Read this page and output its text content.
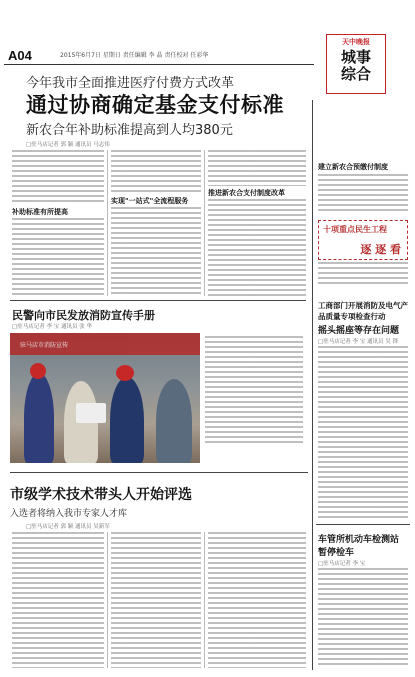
A04	2015年6月7日 星期日 责任编辑 李 晶 责任校对 任彩华
天中晚报
城事
综合
今年我市全面推进医疗付费方式改革
通过协商确定基金支付标准
新农合年补助标准提高到人均380元
□驻马店记者 郭 颖 通讯员 马志伟
补助标准有所提高
实现"一站式"全流程服务
推进新农合支付制度改革
建立新农合预缴付制度
十项重点民生工程
逐 逐 看
工商部门开展消防及电气产
品质量专项检查行动
摇头摇座等存在问题
□驻马店记者 李 宝 通讯员 吴 锋
车管所机动车检测站
暂停检车
□驻马店记者 李 宝
民警向市民发放消防宣传手册
□驻马店记者 李 宝 通讯员 张 华
驻马店市消防宣传
市级学术技术带头人开始评选
入选者将纳入我市专家人才库
□驻马店记者 郭 颖 通讯员 吴新军
